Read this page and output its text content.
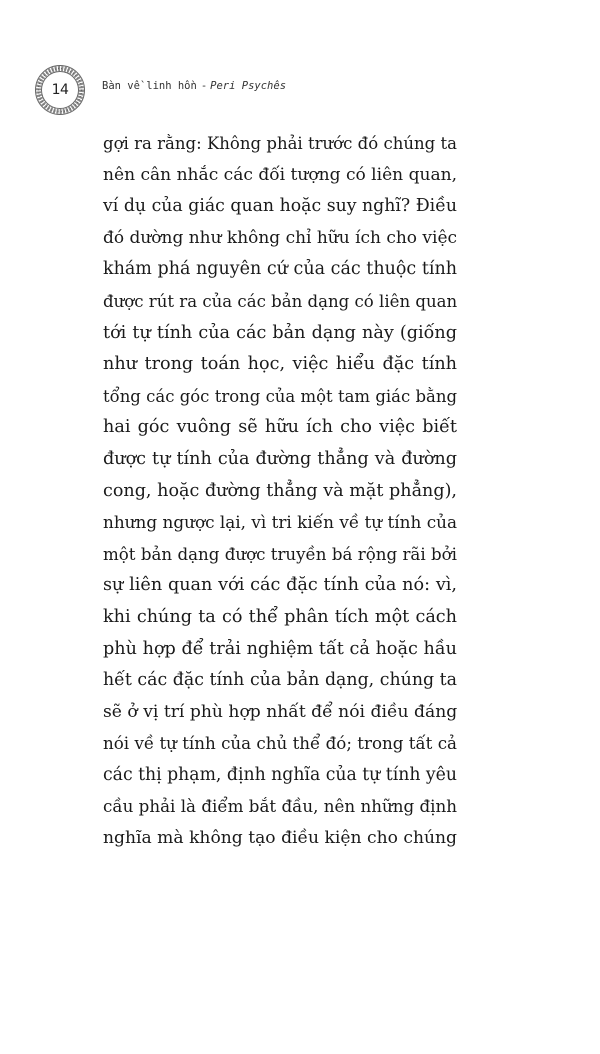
14	Bàn về linh hồn - Peri Psychês
gợi ra rằng: Không phải trước đó chúng ta
nên cân nhắc các đối tượng có liên quan,
ví dụ của giác quan hoặc suy nghĩ? Điều
đó dường như không chỉ hữu ích cho việc
khám phá nguyên cứ của các thuộc tính
được rút ra của các bản dạng có liên quan
tới tự tính của các bản dạng này (giống
như trong toán học, việc hiểu đặc tính
tổng các góc trong của một tam giác bằng
hai góc vuông sẽ hữu ích cho việc biết
được tự tính của đường thẳng và đường
cong, hoặc đường thẳng và mặt phẳng),
nhưng ngược lại, vì tri kiến về tự tính của
một bản dạng được truyền bá rộng rãi bởi
sự liên quan với các đặc tính của nó: vì,
khi chúng ta có thể phân tích một cách
phù hợp để trải nghiệm tất cả hoặc hầu
hết các đặc tính của bản dạng, chúng ta
sẽ ở vị trí phù hợp nhất để nói điều đáng
nói về tự tính của chủ thể đó; trong tất cả
các thị phạm, định nghĩa của tự tính yêu
cầu phải là điểm bắt đầu, nên những định
nghĩa mà không tạo điều kiện cho chúng
